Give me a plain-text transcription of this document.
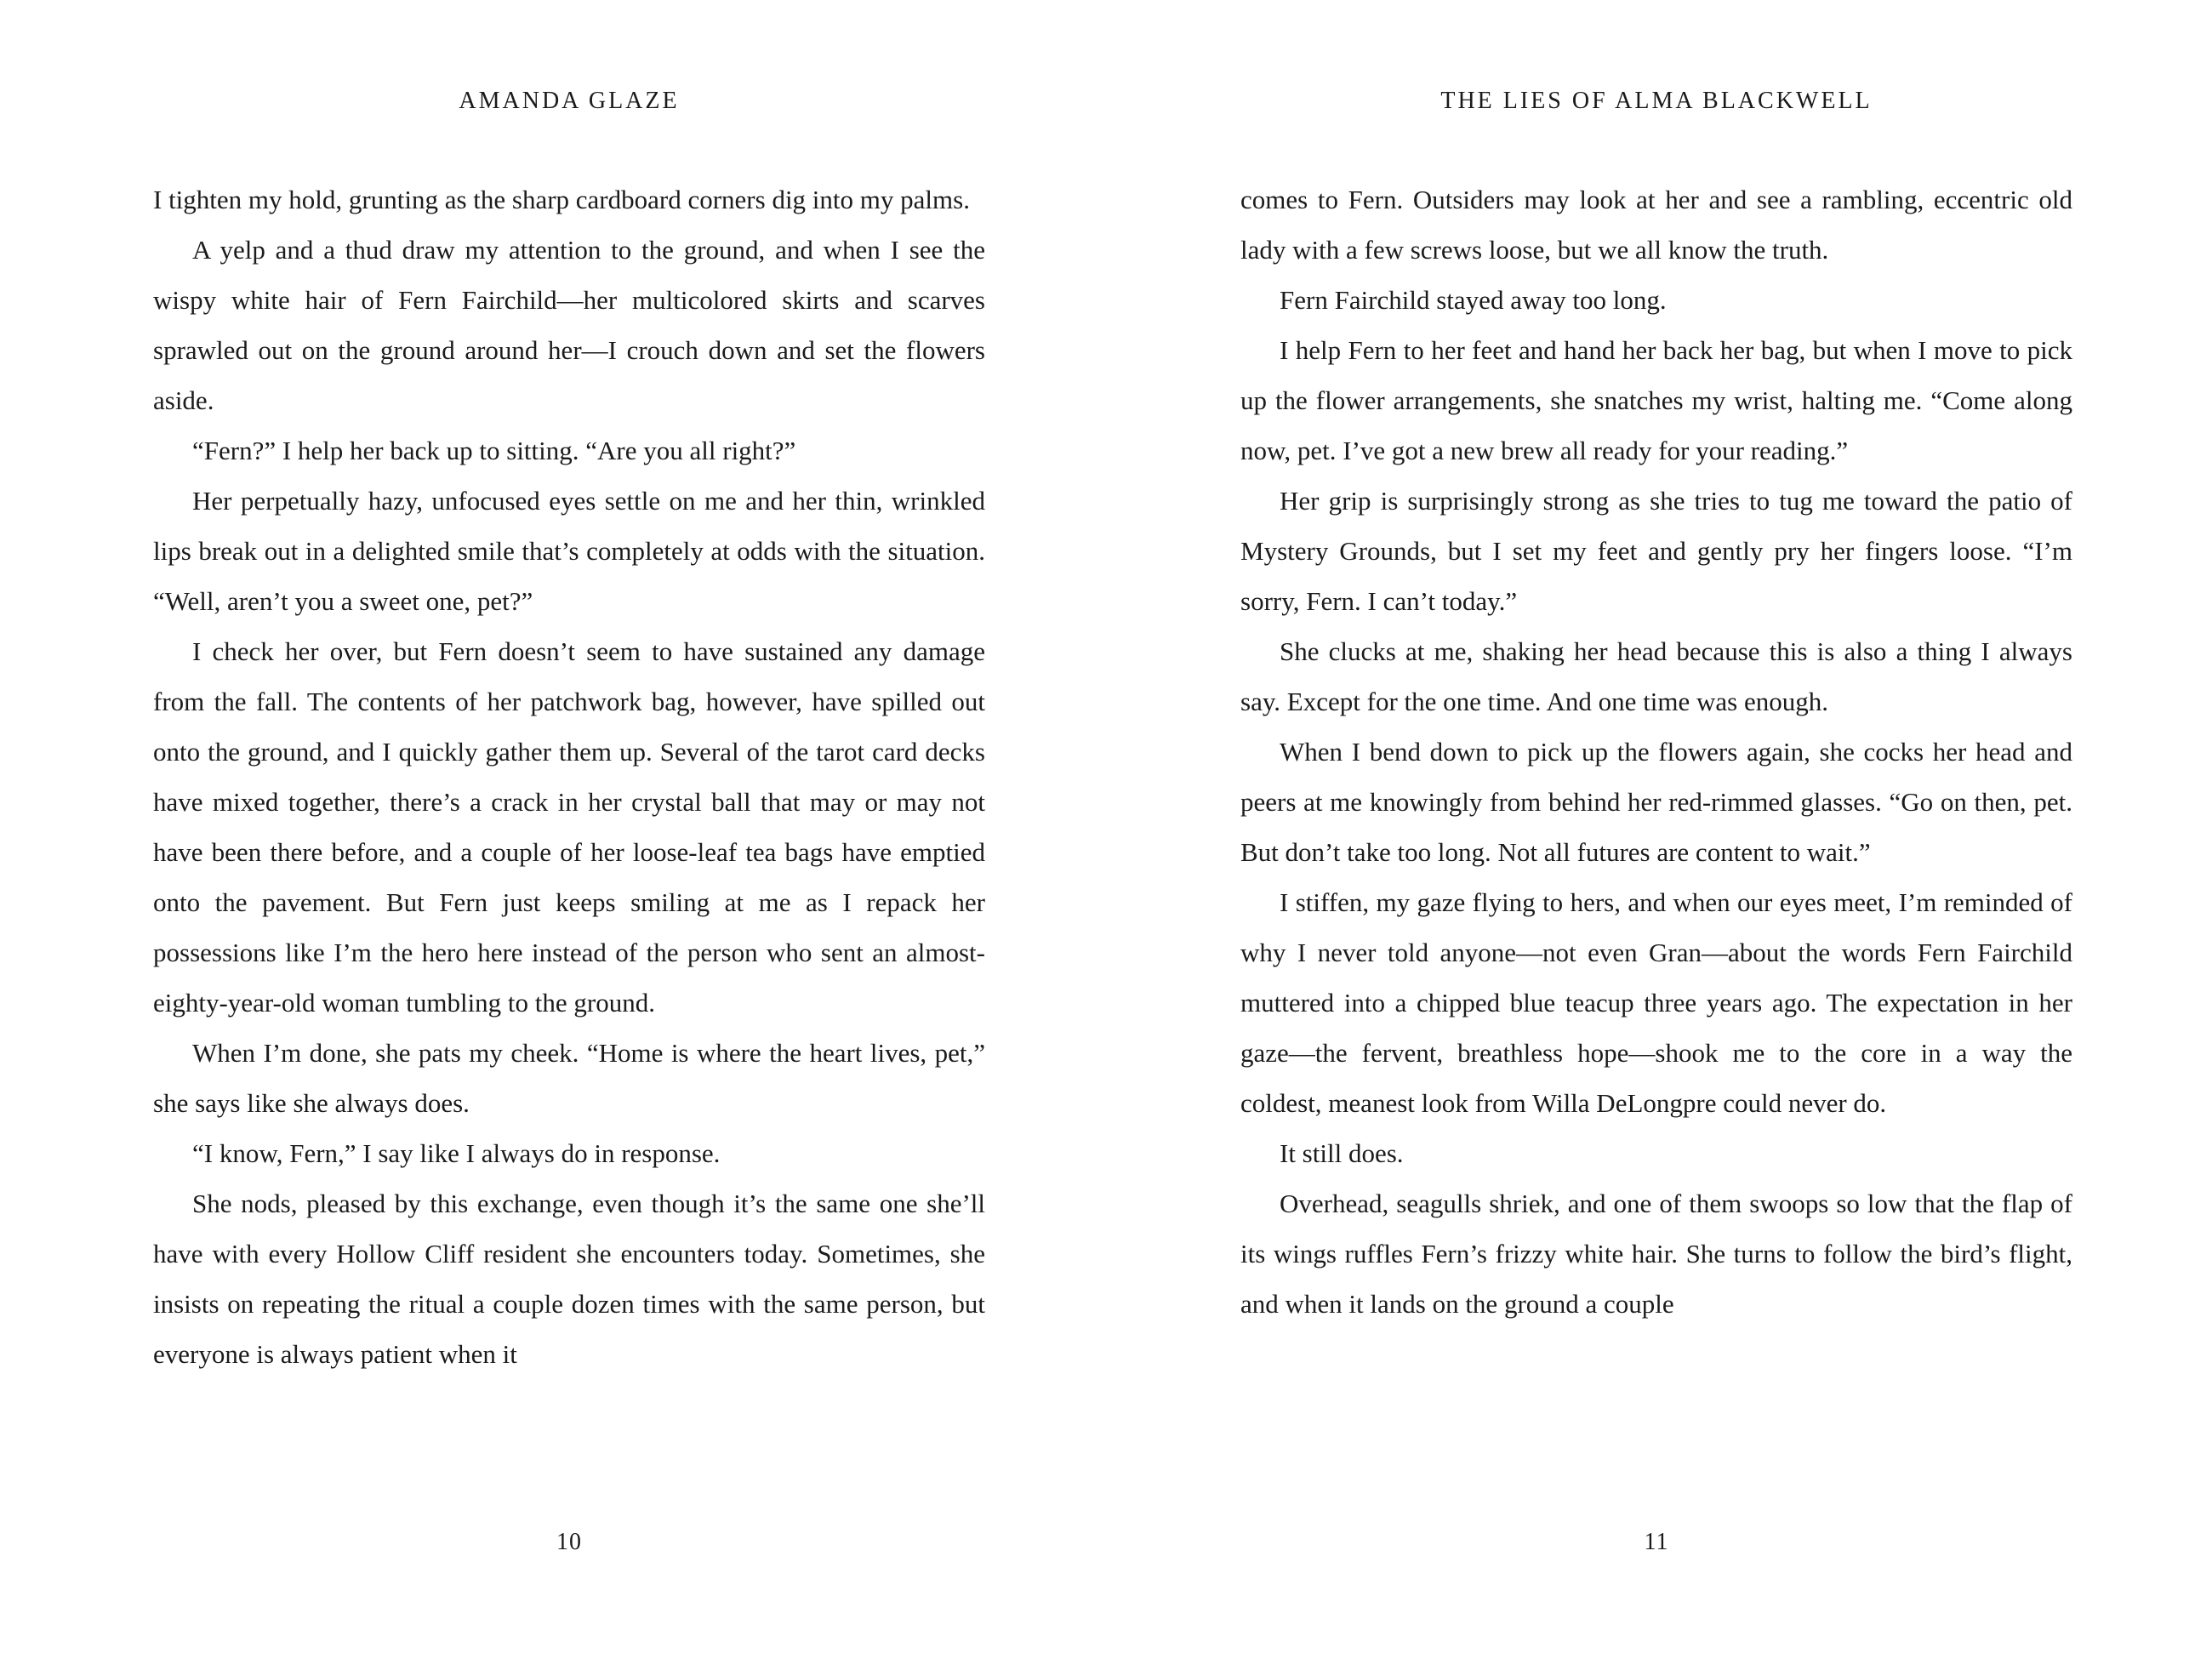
AMANDA GLAZE

I tighten my hold, grunting as the sharp cardboard corners dig into my palms.

A yelp and a thud draw my attention to the ground, and when I see the wispy white hair of Fern Fairchild—her multicolored skirts and scarves sprawled out on the ground around her—I crouch down and set the flowers aside.

“Fern?” I help her back up to sitting. “Are you all right?”

Her perpetually hazy, unfocused eyes settle on me and her thin, wrinkled lips break out in a delighted smile that’s completely at odds with the situation. “Well, aren’t you a sweet one, pet?”

I check her over, but Fern doesn’t seem to have sustained any damage from the fall. The contents of her patchwork bag, however, have spilled out onto the ground, and I quickly gather them up. Several of the tarot card decks have mixed together, there’s a crack in her crystal ball that may or may not have been there before, and a couple of her loose-leaf tea bags have emptied onto the pavement. But Fern just keeps smiling at me as I repack her possessions like I’m the hero here instead of the person who sent an almost-eighty-year-old woman tumbling to the ground.

When I’m done, she pats my cheek. “Home is where the heart lives, pet,” she says like she always does.

“I know, Fern,” I say like I always do in response.

She nods, pleased by this exchange, even though it’s the same one she’ll have with every Hollow Cliff resident she encounters today. Sometimes, she insists on repeating the ritual a couple dozen times with the same person, but everyone is always patient when it

10
THE LIES OF ALMA BLACKWELL

comes to Fern. Outsiders may look at her and see a rambling, eccentric old lady with a few screws loose, but we all know the truth.

Fern Fairchild stayed away too long.

I help Fern to her feet and hand her back her bag, but when I move to pick up the flower arrangements, she snatches my wrist, halting me. “Come along now, pet. I’ve got a new brew all ready for your reading.”

Her grip is surprisingly strong as she tries to tug me toward the patio of Mystery Grounds, but I set my feet and gently pry her fingers loose. “I’m sorry, Fern. I can’t today.”

She clucks at me, shaking her head because this is also a thing I always say. Except for the one time. And one time was enough.

When I bend down to pick up the flowers again, she cocks her head and peers at me knowingly from behind her red-rimmed glasses. “Go on then, pet. But don’t take too long. Not all futures are content to wait.”

I stiffen, my gaze flying to hers, and when our eyes meet, I’m reminded of why I never told anyone—not even Gran—about the words Fern Fairchild muttered into a chipped blue teacup three years ago. The expectation in her gaze—the fervent, breathless hope—shook me to the core in a way the coldest, meanest look from Willa DeLongpre could never do.

It still does.

Overhead, seagulls shriek, and one of them swoops so low that the flap of its wings ruffles Fern’s frizzy white hair. She turns to follow the bird’s flight, and when it lands on the ground a couple

11
